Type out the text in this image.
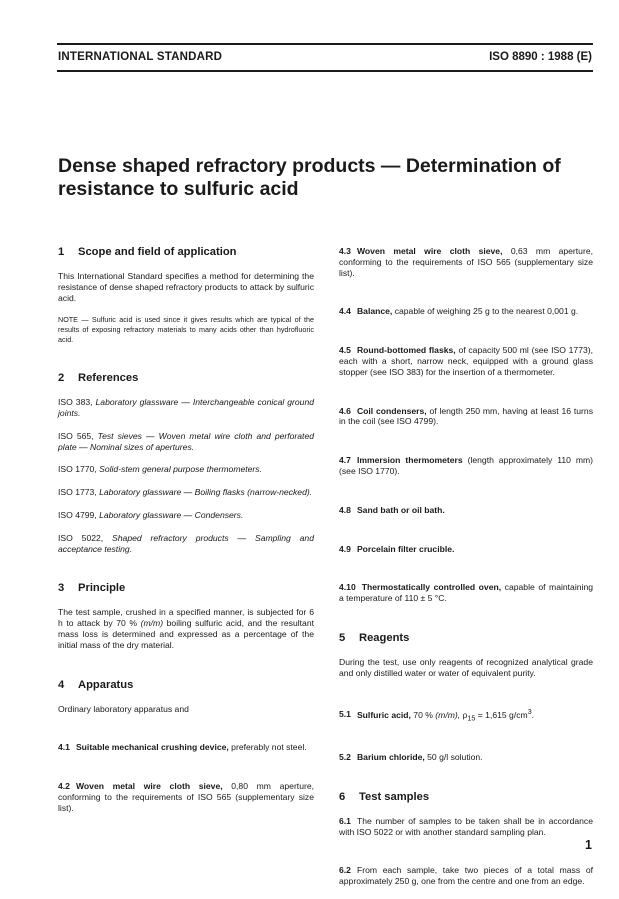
INTERNATIONAL STANDARD	ISO 8890 : 1988 (E)
Dense shaped refractory products — Determination of resistance to sulfuric acid
1 Scope and field of application

This International Standard specifies a method for determining the resistance of dense shaped refractory products to attack by sulfuric acid.

NOTE — Sulfuric acid is used since it gives results which are typical of the results of exposing refractory materials to many acids other than hydrofluoric acid.

2 References

ISO 383, Laboratory glassware — Interchangeable conical ground joints.

ISO 565, Test sieves — Woven metal wire cloth and perforated plate — Nominal sizes of apertures.

ISO 1770, Solid-stem general purpose thermometers.

ISO 1773, Laboratory glassware — Boiling flasks (narrow-necked).

ISO 4799, Laboratory glassware — Condensers.

ISO 5022, Shaped refractory products — Sampling and acceptance testing.

3 Principle

The test sample, crushed in a specified manner, is subjected for 6 h to attack by 70 % (m/m) boiling sulfuric acid, and the resultant mass loss is determined and expressed as a percentage of the initial mass of the dry material.

4 Apparatus

Ordinary laboratory apparatus and

4.1 Suitable mechanical crushing device, preferably not steel.

4.2 Woven metal wire cloth sieve, 0,80 mm aperture, conforming to the requirements of ISO 565 (supplementary size list).

4.3 Woven metal wire cloth sieve, 0,63 mm aperture, conforming to the requirements of ISO 565 (supplementary size list).

4.4 Balance, capable of weighing 25 g to the nearest 0,001 g.

4.5 Round-bottomed flasks, of capacity 500 ml (see ISO 1773), each with a short, narrow neck, equipped with a ground glass stopper (see ISO 383) for the insertion of a thermometer.

4.6 Coil condensers, of length 250 mm, having at least 16 turns in the coil (see ISO 4799).

4.7 Immersion thermometers (length approximately 110 mm) (see ISO 1770).

4.8 Sand bath or oil bath.

4.9 Porcelain filter crucible.

4.10 Thermostatically controlled oven, capable of maintaining a temperature of 110 ± 5 °C.

5 Reagents

During the test, use only reagents of recognized analytical grade and only distilled water or water of equivalent purity.

5.1 Sulfuric acid, 70 % (m/m), $\rho_{15} = 1,615$ $g/cm^3$.

5.2 Barium chloride, 50 g/l solution.

6 Test samples

6.1 The number of samples to be taken shall be in accordance with ISO 5022 or with another standard sampling plan.

6.2 From each sample, take two pieces of a total mass of approximately 250 g, one from the centre and one from an edge.

1
